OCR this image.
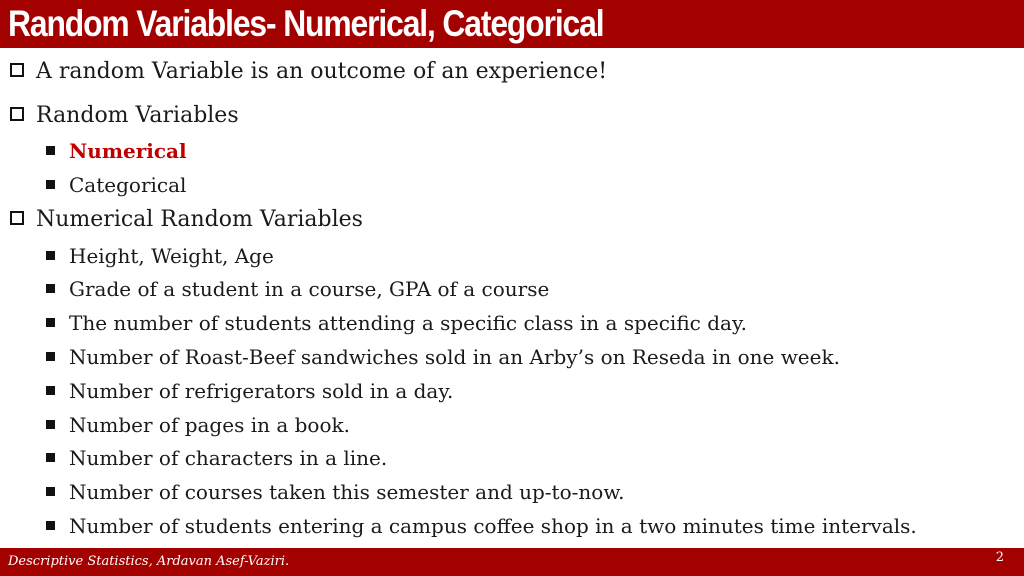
Random Variables- Numerical, Categorical
A random Variable is an outcome of an experience!
Random Variables
Numerical
Categorical
Numerical Random Variables
Height, Weight, Age
Grade of a student in a course, GPA of a course
The number of students attending a specific class in a specific day.
Number of Roast-Beef sandwiches sold in an Arby’s on Reseda in one week.
Number of refrigerators sold in a day.
Number of pages in a book.
Number of characters in a line.
Number of courses taken this semester and up-to-now.
Number of students entering a campus coffee shop in a two minutes time intervals.
Descriptive Statistics, Ardavan Asef-Vaziri.	2
